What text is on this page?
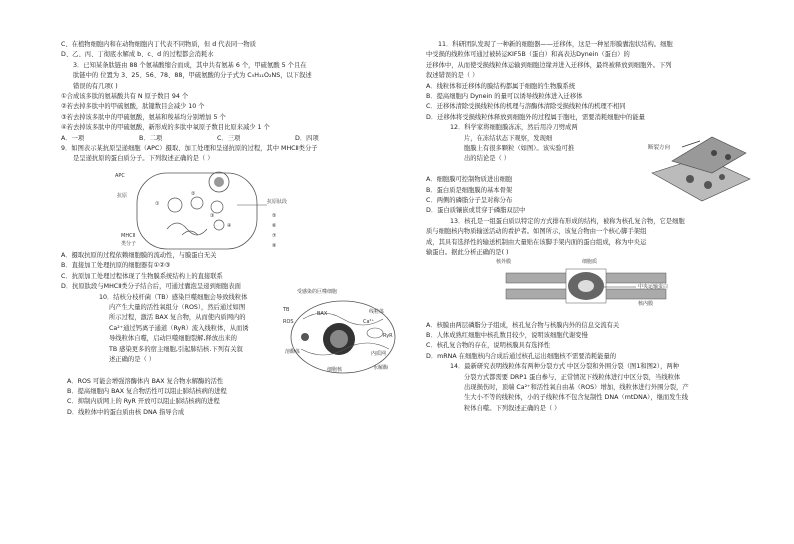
C、在植物细胞内和在动物细胞内丁代表不同物质，但 d 代表同一物质

D、乙、丙、丁彻底水解成 b、c、d 的过程都会消耗水

3．已知某条肽链由 88 个氨基酸缩合而成，其中共有氨基 6 个，甲硫氨酸 5 个且在

肽链中的 位置为 3、25、56、78、88，甲硫氨酸的分子式为 C₅H₁₁O₂NS，以下叙述

错误的有几项( )

①合成该多肽的氨基酸共有 N 原子数目 94 个

②若去掉多肽中的甲硫氨酸，肽键数目会减少 10 个

③若去掉该多肽中的甲硫氨酸，氨基和羧基均分别增加 5 个

④若去掉该多肽中的甲硫氨酸，新形成的多肽中氧原子数目比原来减少 1 个

A．一项	B．二项	C．三项	D．四项

9．如图表示某抗原呈递细胞（APC）摄取、加工处理和呈递抗原的过程，其中 MHCⅡ类分子

是呈递抗原的蛋白质分子。下列叙述正确的是（ ）

APC
抗原
抗原肽段
MHCⅡ
类分子
①
②
③
④
⑤
⑥
⑦
⑧

A．摄取抗原的过程依赖细胞膜的流动性，与膜蛋白无关

B．直接加工处理抗原的细胞器有①②③

C．抗原加工处理过程体现了生物膜系统结构上的直接联系

D．抗原肽段与MHCⅡ类分子结合后，可通过囊泡呈递到细胞表面

10．结核分枝杆菌（TB）感染巨噬细胞会导致线粒体

内产生大量的活性氧组分（ROS），然后通过如图

所示过程，激活 BAX 复合物，从而使内质网内的

Ca²⁺通过钙离子通道（RyR）流入线粒体，从而诱

导线粒体自噬，启动巨噬细胞裂解,释放出来的

TB 感染更多的宿主细胞,引起肺结核.下列有关叙

述正确的是（ ）

受感染的巨噬细胞
TB
ROS
BAX
Ca²⁺
RyR
细胞核
溶酶体	内质网
线粒体
水解酶

A．ROS 可能会增强溶酶体内 BAX 复合物水解酶的活性

B．提高细胞内 BAX 复合物活性可以阻止肺结核病的进程

C．抑制内质网上的 RyR 开放可以阻止肺结核病的进程

D．线粒体中的蛋白质由核 DNA 指导合成

11．科研团队发现了一种新的细胞器——迁移体，这是一种星形膜囊泡状结构。细胞

中受损的线粒体可通过被转运KIF5B（蛋白）和高表达Dynein（蛋白）的

迁移体中，从而使受损线粒体运输到细胞边缘并进入迁移体，最终被释放到细胞外。下列

叙述错误的是（ ）

A．线粒体和迁移体的膜结构都属于细胞的生物膜系统

B．提高细胞内 Dynein 的量可以诱导线粒体进入迁移体

C．迁移体清除受损线粒体的机理与溶酶体清除受损线粒体的机理不相同

D．迁移体将受损线粒体释放到细胞外的过程属于胞吐，需要消耗细胞中的能量

12．科学家将细胞膜冻冻，然后用冷刀劈成两

片，在冻结状态下观察，发现细

胞膜上有很多颗粒（如图）。该实验可推

出的结论是（ ）

断裂方向

A．细胞膜可控制物质进出细胞

B．蛋白质是细胞膜的基本骨架

C．两侧的磷脂分子呈对称分布

D．蛋白质镶嵌或贯穿于磷脂双层中

13．核孔是一组蛋白质以特定的方式排布形成的结构，被称为核孔复合物，它是细胞

质与细胞核内物质输送活动的看护者。如图所示，该复合物由一个核心脚手架组

成，其具有选择性的输送机制由大量贴在该脚手架内面的蛋白组成，称为中央运

输蛋白。据此分析正确的是( )

核外膜	细胞质
中央运输蛋白
核内膜

A．核膜由两层磷脂分子组成，核孔复合物与核膜内外的信息交流有关

B．人体成熟红细胞中核孔数目较少，说明该细胞代谢变慢

C．核孔复合物的存在，说明核膜具有选择性

D．mRNA 在细胞核内合成后通过核孔运出细胞核不需要消耗能量的

14．最新研究表明线粒体有两种分裂方式 中区分裂和外围分裂（图1和图2），两种

分裂方式都需要 DRP1 蛋白参与，正常情况下线粒体进行中区分裂，当线粒体

出现损伤时，顶端 Ca²⁺和活性氧自由基（ROS）增加，线粒体进行外围分裂，产

生大小不等的线粒体，小的子线粒体不包含复制性 DNA（mtDNA），继而发生线

粒体自噬。下列叙述正确的是（ ）
